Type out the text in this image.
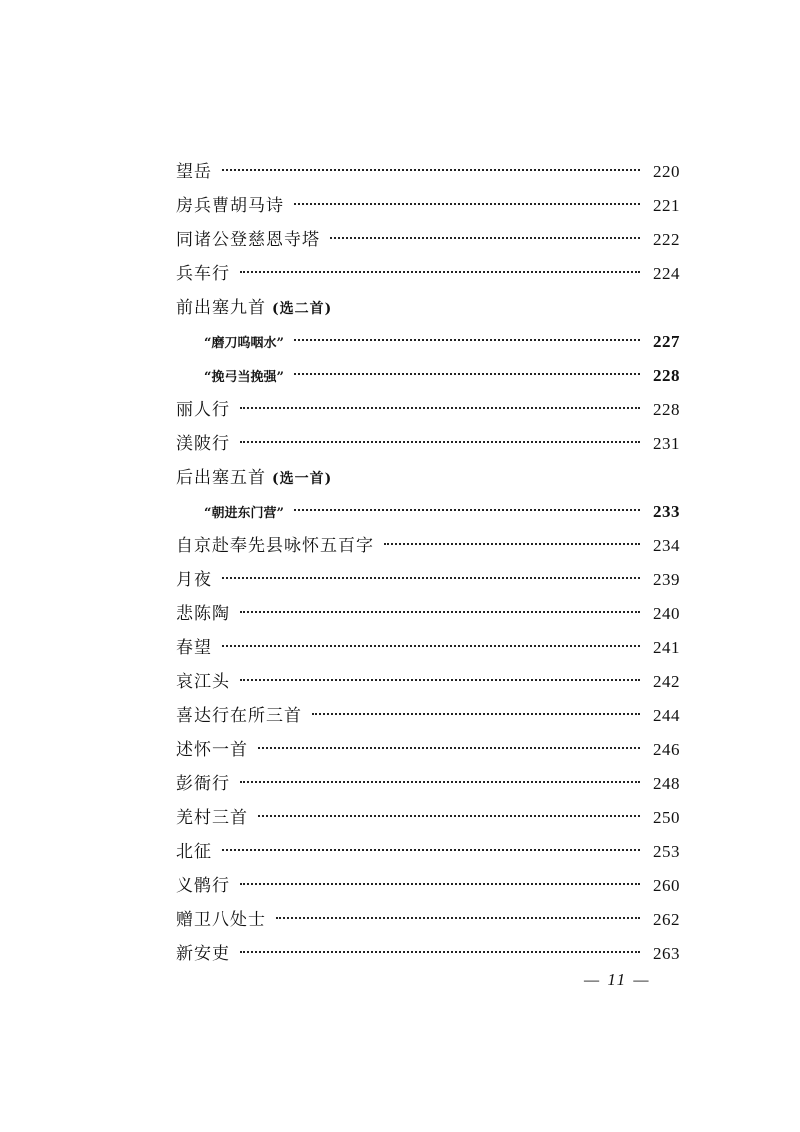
望岳	220
房兵曹胡马诗	221
同诸公登慈恩寺塔	222
兵车行	224
前出塞九首 (选二首)
“磨刀呜咽水”	227
“挽弓当挽强”	228
丽人行	228
渼陂行	231
后出塞五首 (选一首)
“朝进东门营”	233
自京赴奉先县咏怀五百字	234
月夜	239
悲陈陶	240
春望	241
哀江头	242
喜达行在所三首	244
述怀一首	246
彭衙行	248
羌村三首	250
北征	253
义鹘行	260
赠卫八处士	262
新安吏	263
— 11 —
